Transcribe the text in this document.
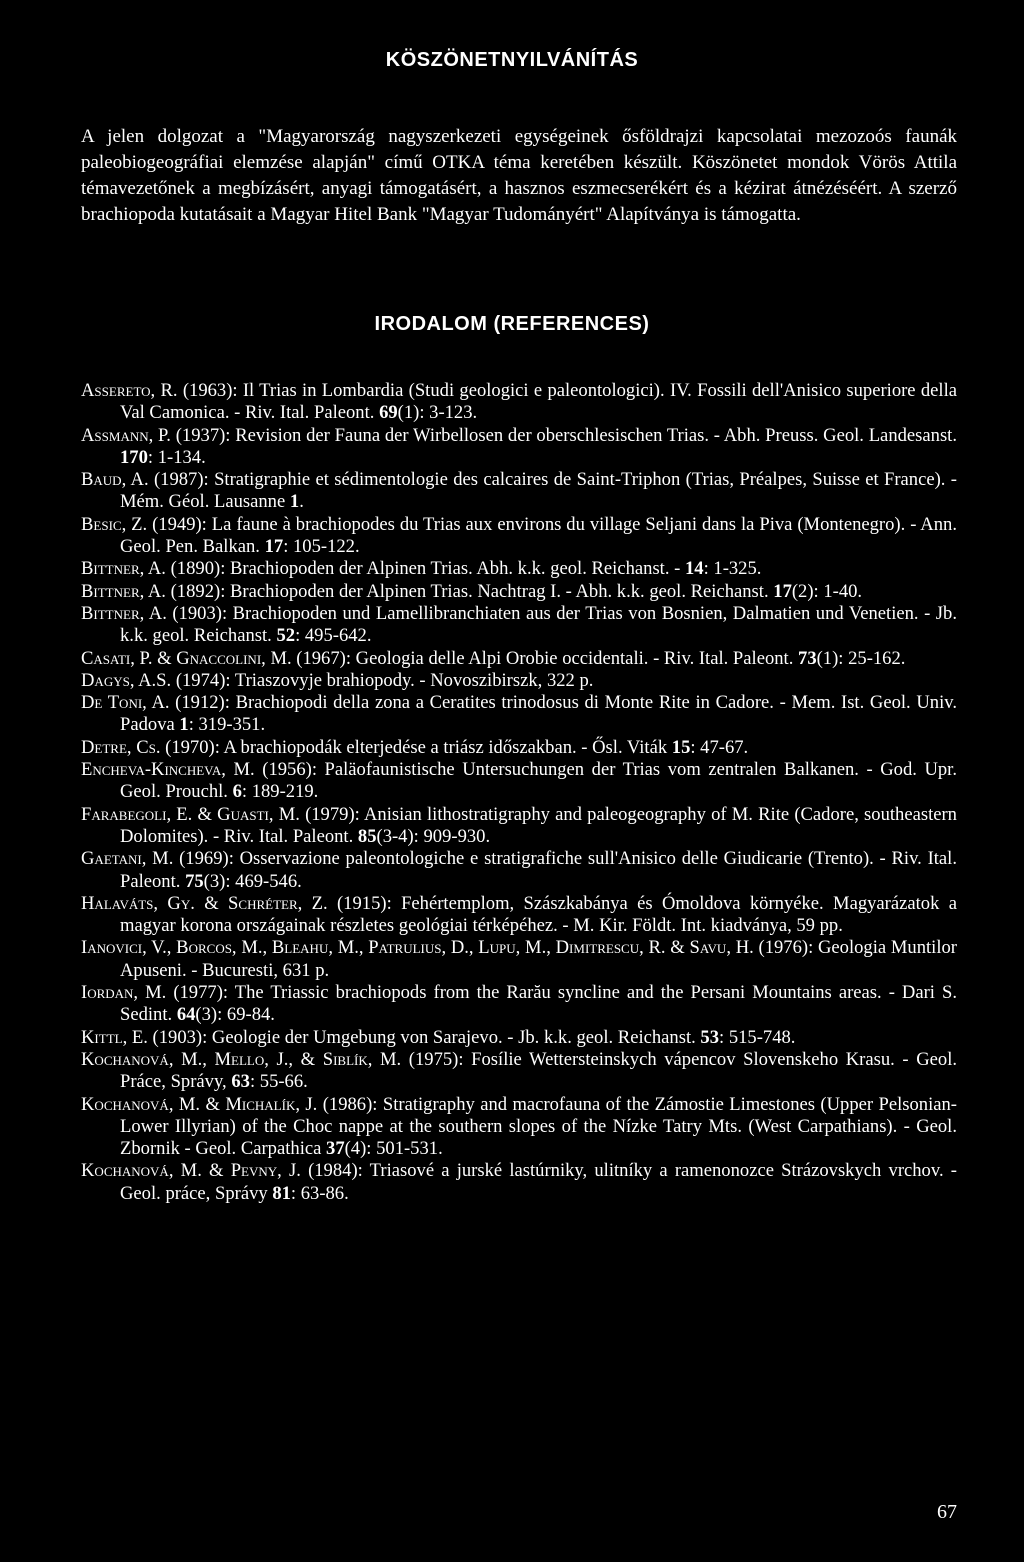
KÖSZÖNETNYILVÁNÍTÁS
A jelen dolgozat a "Magyarország nagyszerkezeti egységeinek ősföldrajzi kapcsolatai mezozoós faunák paleobiogeográfiai elemzése alapján" című OTKA téma keretében készült. Köszönetet mondok Vörös Attila témavezetőnek a megbízásért, anyagi támogatásért, a hasznos eszmecserékért és a kézirat átnézéséért. A szerző brachiopoda kutatásait a Magyar Hitel Bank "Magyar Tudományért" Alapítványa is támogatta.
IRODALOM (REFERENCES)

Assereto, R. (1963): Il Trias in Lombardia (Studi geologici e paleontologici). IV. Fossili dell'Anisico superiore della Val Camonica. - Riv. Ital. Paleont. 69(1): 3-123.

Assmann, P. (1937): Revision der Fauna der Wirbellosen der oberschlesischen Trias. - Abh. Preuss. Geol. Landesanst. 170: 1-134.

Baud, A. (1987): Stratigraphie et sédimentologie des calcaires de Saint-Triphon (Trias, Préalpes, Suisse et France). - Mém. Géol. Lausanne 1.

Besic, Z. (1949): La faune à brachiopodes du Trias aux environs du village Seljani dans la Piva (Montenegro). - Ann. Geol. Pen. Balkan. 17: 105-122.

Bittner, A. (1890): Brachiopoden der Alpinen Trias. Abh. k.k. geol. Reichanst. - 14: 1-325.

Bittner, A. (1892): Brachiopoden der Alpinen Trias. Nachtrag I. - Abh. k.k. geol. Reichanst. 17(2): 1-40.

Bittner, A. (1903): Brachiopoden und Lamellibranchiaten aus der Trias von Bosnien, Dalmatien und Venetien. - Jb. k.k. geol. Reichanst. 52: 495-642.

Casati, P. & Gnaccolini, M. (1967): Geologia delle Alpi Orobie occidentali. - Riv. Ital. Paleont. 73(1): 25-162.

Dagys, A.S. (1974): Triaszovyje brahiopody. - Novoszibirszk, 322 p.

De Toni, A. (1912): Brachiopodi della zona a Ceratites trinodosus di Monte Rite in Cadore. - Mem. Ist. Geol. Univ. Padova 1: 319-351.

Detre, Cs. (1970): A brachiopodák elterjedése a triász időszakban. - Ősl. Viták 15: 47-67.

Encheva-Kincheva, M. (1956): Paläofaunistische Untersuchungen der Trias vom zentralen Balkanen. - God. Upr. Geol. Prouchl. 6: 189-219.

Farabegoli, E. & Guasti, M. (1979): Anisian lithostratigraphy and paleogeography of M. Rite (Cadore, southeastern Dolomites). - Riv. Ital. Paleont. 85(3-4): 909-930.

Gaetani, M. (1969): Osservazione paleontologiche e stratigrafiche sull'Anisico delle Giudicarie (Trento). - Riv. Ital. Paleont. 75(3): 469-546.

Halaváts, Gy. & Schréter, Z. (1915): Fehértemplom, Szászkabánya és Ómoldova környéke. Magyarázatok a magyar korona országainak részletes geológiai térképéhez. - M. Kir. Földt. Int. kiadványa, 59 pp.

Ianovici, V., Borcos, M., Bleahu, M., Patrulius, D., Lupu, M., Dimitrescu, R. & Savu, H. (1976): Geologia Muntilor Apuseni. - Bucuresti, 631 p.

Iordan, M. (1977): The Triassic brachiopods from the Rarău syncline and the Persani Mountains areas. - Dari S. Sedint. 64(3): 69-84.

Kittl, E. (1903): Geologie der Umgebung von Sarajevo. - Jb. k.k. geol. Reichanst. 53: 515-748.

Kochanová, M., Mello, J., & Siblík, M. (1975): Fosílie Wettersteinskych vápencov Slovenskeho Krasu. - Geol. Práce, Správy, 63: 55-66.

Kochanová, M. & Michalík, J. (1986): Stratigraphy and macrofauna of the Zámostie Limestones (Upper Pelsonian-Lower Illyrian) of the Choc nappe at the southern slopes of the Nízke Tatry Mts. (West Carpathians). - Geol. Zbornik - Geol. Carpathica 37(4): 501-531.

Kochanová, M. & Pevny, J. (1984): Triasové a jurské lastúrniky, ulitníky a ramenonozce Strázovskych vrchov. - Geol. práce, Správy 81: 63-86.

67
